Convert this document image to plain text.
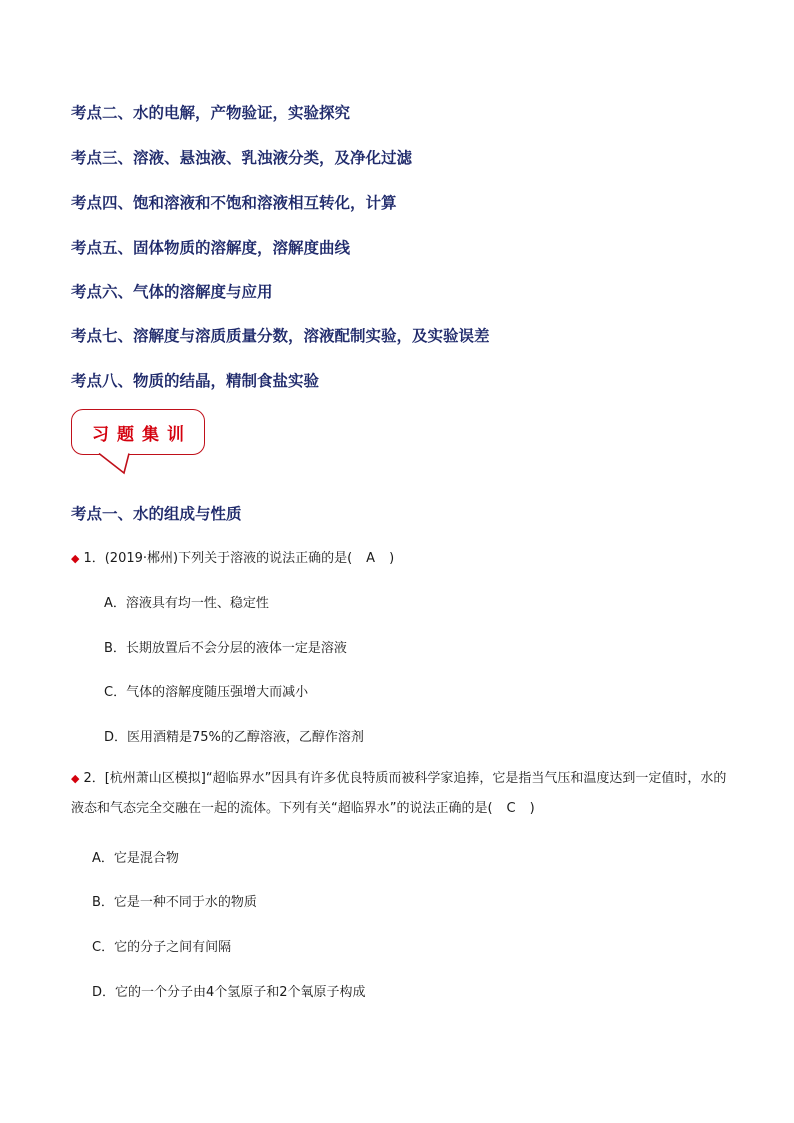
考点二、水的电解，产物验证，实验探究
考点三、溶液、悬浊液、乳浊液分类，及净化过滤
考点四、饱和溶液和不饱和溶液相互转化，计算
考点五、固体物质的溶解度，溶解度曲线
考点六、气体的溶解度与应用
考点七、溶解度与溶质质量分数，溶液配制实验，及实验误差
考点八、物质的结晶，精制食盐实验
习题集训
考点一、水的组成与性质
◆ 1．(2019·郴州)下列关于溶液的说法正确的是( A )
A．溶液具有均一性、稳定性
B．长期放置后不会分层的液体一定是溶液
C．气体的溶解度随压强增大而减小
D．医用酒精是75%的乙醇溶液，乙醇作溶剂
◆ 2．[杭州萧山区模拟]“超临界水”因具有许多优良特质而被科学家追捧，它是指当气压和温度达到一定值时，水的液态和气态完全交融在一起的流体。下列有关“超临界水”的说法正确的是( C )
A．它是混合物
B．它是一种不同于水的物质
C．它的分子之间有间隔
D．它的一个分子由4个氢原子和2个氧原子构成
